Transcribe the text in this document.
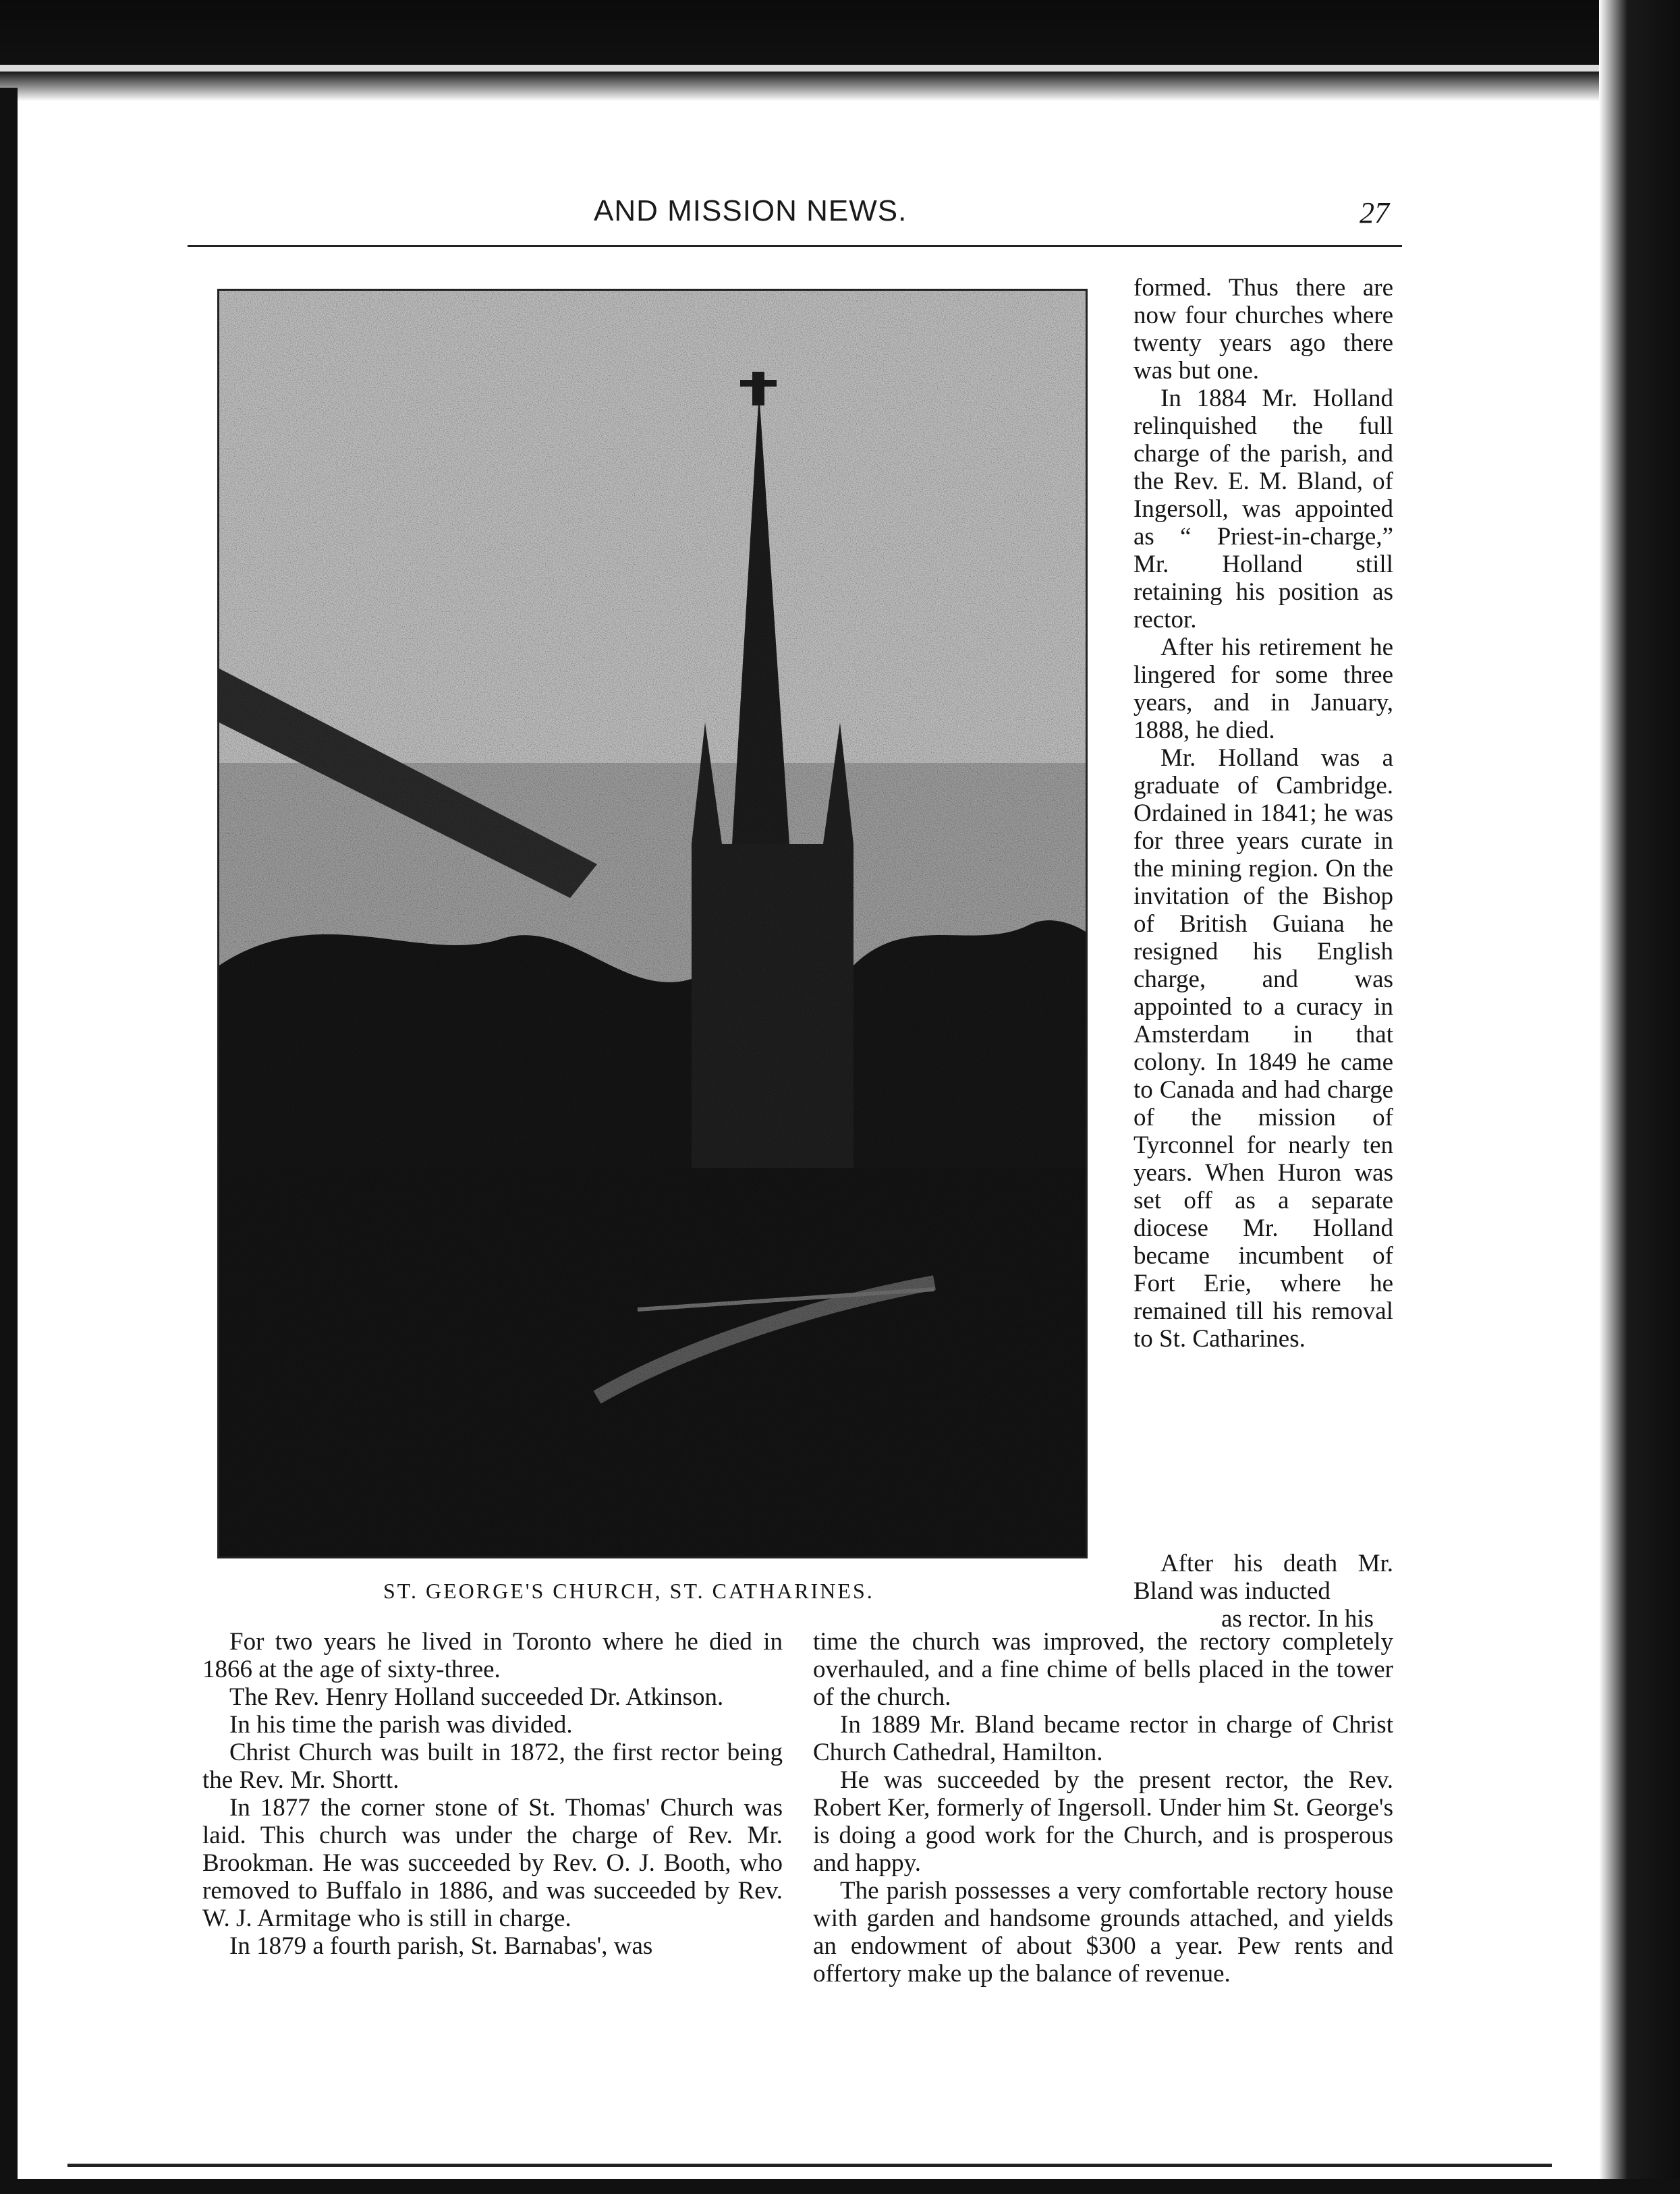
AND MISSION NEWS.	27
ST. GEORGE'S CHURCH, ST. CATHARINES.

formed. Thus there are now four churches where twenty years ago there was but one.

In 1884 Mr. Holland relinquished the full charge of the parish, and the Rev. E. M. Bland, of Ingersoll, was appointed as “ Priest-in-charge,” Mr. Holland still retaining his position as rector.

After his retirement he lingered for some three years, and in January, 1888, he died.

Mr. Holland was a graduate of Cambridge. Ordained in 1841; he was for three years curate in the mining region. On the invitation of the Bishop of British Guiana he resigned his English charge, and was appointed to a curacy in Amsterdam in that colony. In 1849 he came to Canada and had charge of the mission of Tyrconnel for nearly ten years. When Huron was set off as a separate diocese Mr. Holland became incumbent of Fort Erie, where he remained till his removal to St. Catharines.

After his death Mr. Bland was inducted

as rector. In his

For two years he lived in Toronto where he died in 1866 at the age of sixty-three.

The Rev. Henry Holland succeeded Dr. Atkinson.

In his time the parish was divided.

Christ Church was built in 1872, the first rector being the Rev. Mr. Shortt.

In 1877 the corner stone of St. Thomas' Church was laid. This church was under the charge of Rev. Mr. Brookman. He was succeeded by Rev. O. J. Booth, who removed to Buffalo in 1886, and was succeeded by Rev. W. J. Armitage who is still in charge.

In 1879 a fourth parish, St. Barnabas', was

time the church was improved, the rectory completely overhauled, and a fine chime of bells placed in the tower of the church.

In 1889 Mr. Bland became rector in charge of Christ Church Cathedral, Hamilton.

He was succeeded by the present rector, the Rev. Robert Ker, formerly of Ingersoll. Under him St. George's is doing a good work for the Church, and is prosperous and happy.

The parish possesses a very comfortable rectory house with garden and handsome grounds attached, and yields an endowment of about $300 a year. Pew rents and offertory make up the balance of revenue.
